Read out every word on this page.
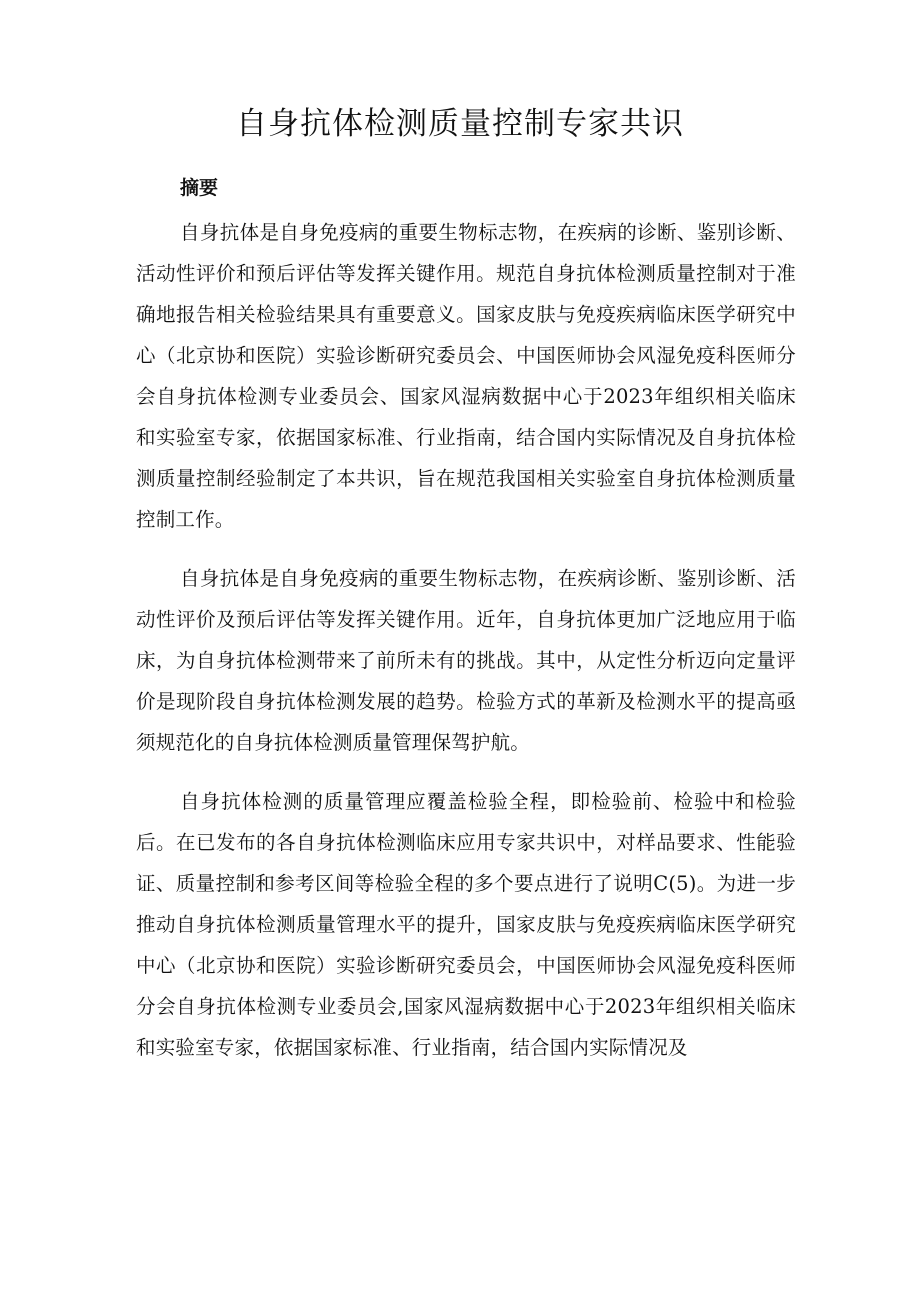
自身抗体检测质量控制专家共识
摘要

自身抗体是自身免疫病的重要生物标志物，在疾病的诊断、鉴别诊断、活动性评价和预后评估等发挥关键作用。规范自身抗体检测质量控制对于准确地报告相关检验结果具有重要意义。国家皮肤与免疫疾病临床医学研究中心（北京协和医院）实验诊断研究委员会、中国医师协会风湿免疫科医师分会自身抗体检测专业委员会、国家风湿病数据中心于2023年组织相关临床和实验室专家，依据国家标准、行业指南，结合国内实际情况及自身抗体检测质量控制经验制定了本共识，旨在规范我国相关实验室自身抗体检测质量控制工作。

自身抗体是自身免疫病的重要生物标志物，在疾病诊断、鉴别诊断、活动性评价及预后评估等发挥关键作用。近年，自身抗体更加广泛地应用于临床，为自身抗体检测带来了前所未有的挑战。其中，从定性分析迈向定量评价是现阶段自身抗体检测发展的趋势。检验方式的革新及检测水平的提高亟须规范化的自身抗体检测质量管理保驾护航。

自身抗体检测的质量管理应覆盖检验全程，即检验前、检验中和检验后。在已发布的各自身抗体检测临床应用专家共识中，对样品要求、性能验证、质量控制和参考区间等检验全程的多个要点进行了说明C(5)。为进一步推动自身抗体检测质量管理水平的提升，国家皮肤与免疫疾病临床医学研究中心（北京协和医院）实验诊断研究委员会，中国医师协会风湿免疫科医师分会自身抗体检测专业委员会,国家风湿病数据中心于2023年组织相关临床和实验室专家，依据国家标准、行业指南，结合国内实际情况及
